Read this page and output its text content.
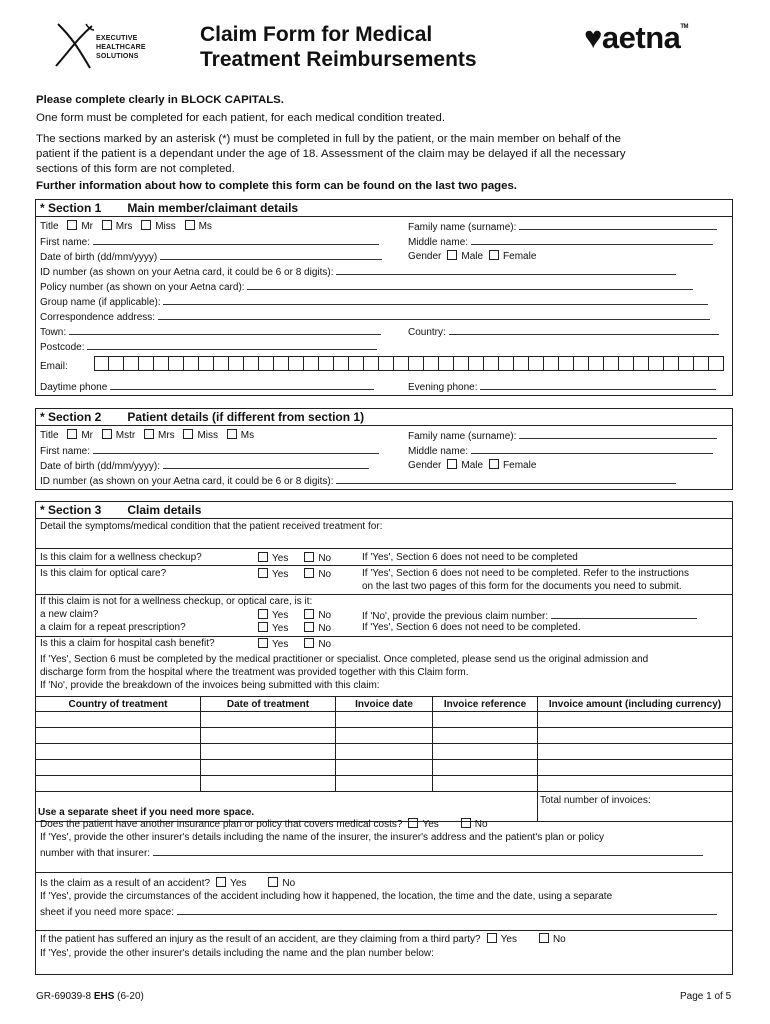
EXECUTIVE
HEALTHCARE
SOLUTIONS
Claim Form for Medical
Treatment Reimbursements
♥aetna™
Please complete clearly in BLOCK CAPITALS.
One form must be completed for each patient, for each medical condition treated.
The sections marked by an asterisk (*) must be completed in full by the patient, or the main member on behalf of the
patient if the patient is a dependant under the age of 18. Assessment of the claim may be delayed if all the necessary
sections of this form are not completed.
Further information about how to complete this form can be found on the last two pages.
* Section 1 Main member/claimant details
Title Mr Mrs Miss Ms	Family name (surname):
First name:	Middle name:
Date of birth (dd/mm/yyyy)	Gender Male Female
ID number (as shown on your Aetna card, it could be 6 or 8 digits):
Policy number (as shown on your Aetna card):
Group name (if applicable):
Correspondence address:
Town:	Country:
Postcode:
Email:
Daytime phone	Evening phone:
* Section 2 Patient details (if different from section 1)
Title Mr Mstr Mrs Miss Ms	Family name (surname):
First name:	Middle name:
Date of birth (dd/mm/yyyy):	Gender Male Female
ID number (as shown on your Aetna card, it could be 6 or 8 digits):
* Section 3 Claim details
Detail the symptoms/medical condition that the patient received treatment for:
Is this claim for a wellness checkup?	Yes	No	If 'Yes', Section 6 does not need to be completed
Is this claim for optical care?	Yes	No	If 'Yes', Section 6 does not need to be completed. Refer to the instructions
on the last two pages of this form for the documents you need to submit.
If this claim is not for a wellness checkup, or optical care, is it:
a new claim?	Yes	No	If 'No', provide the previous claim number:
a claim for a repeat prescription?	Yes	No	If 'Yes', Section 6 does not need to be completed.
Is this a claim for hospital cash benefit?	Yes	No
If 'Yes', Section 6 must be completed by the medical practitioner or specialist. Once completed, please send us the original admission and
discharge form from the hospital where the treatment was provided together with this Claim form.
If 'No', provide the breakdown of the invoices being submitted with this claim:
Country of treatment	Date of treatment	Invoice date	Invoice reference	Invoice amount (including currency)

Use a separate sheet if you need more space.				Total number of invoices:
Does the patient have another insurance plan or policy that covers medical costs? Yes	No
If 'Yes', provide the other insurer's details including the name of the insurer, the insurer's address and the patient's plan or policy
number with that insurer:
Is the claim as a result of an accident? Yes	No
If 'Yes', provide the circumstances of the accident including how it happened, the location, the time and the date, using a separate
sheet if you need more space:
If the patient has suffered an injury as the result of an accident, are they claiming from a third party? Yes	No
If 'Yes', provide the other insurer's details including the name and the plan number below:
GR-69039-8 EHS (6-20)	Page 1 of 5
